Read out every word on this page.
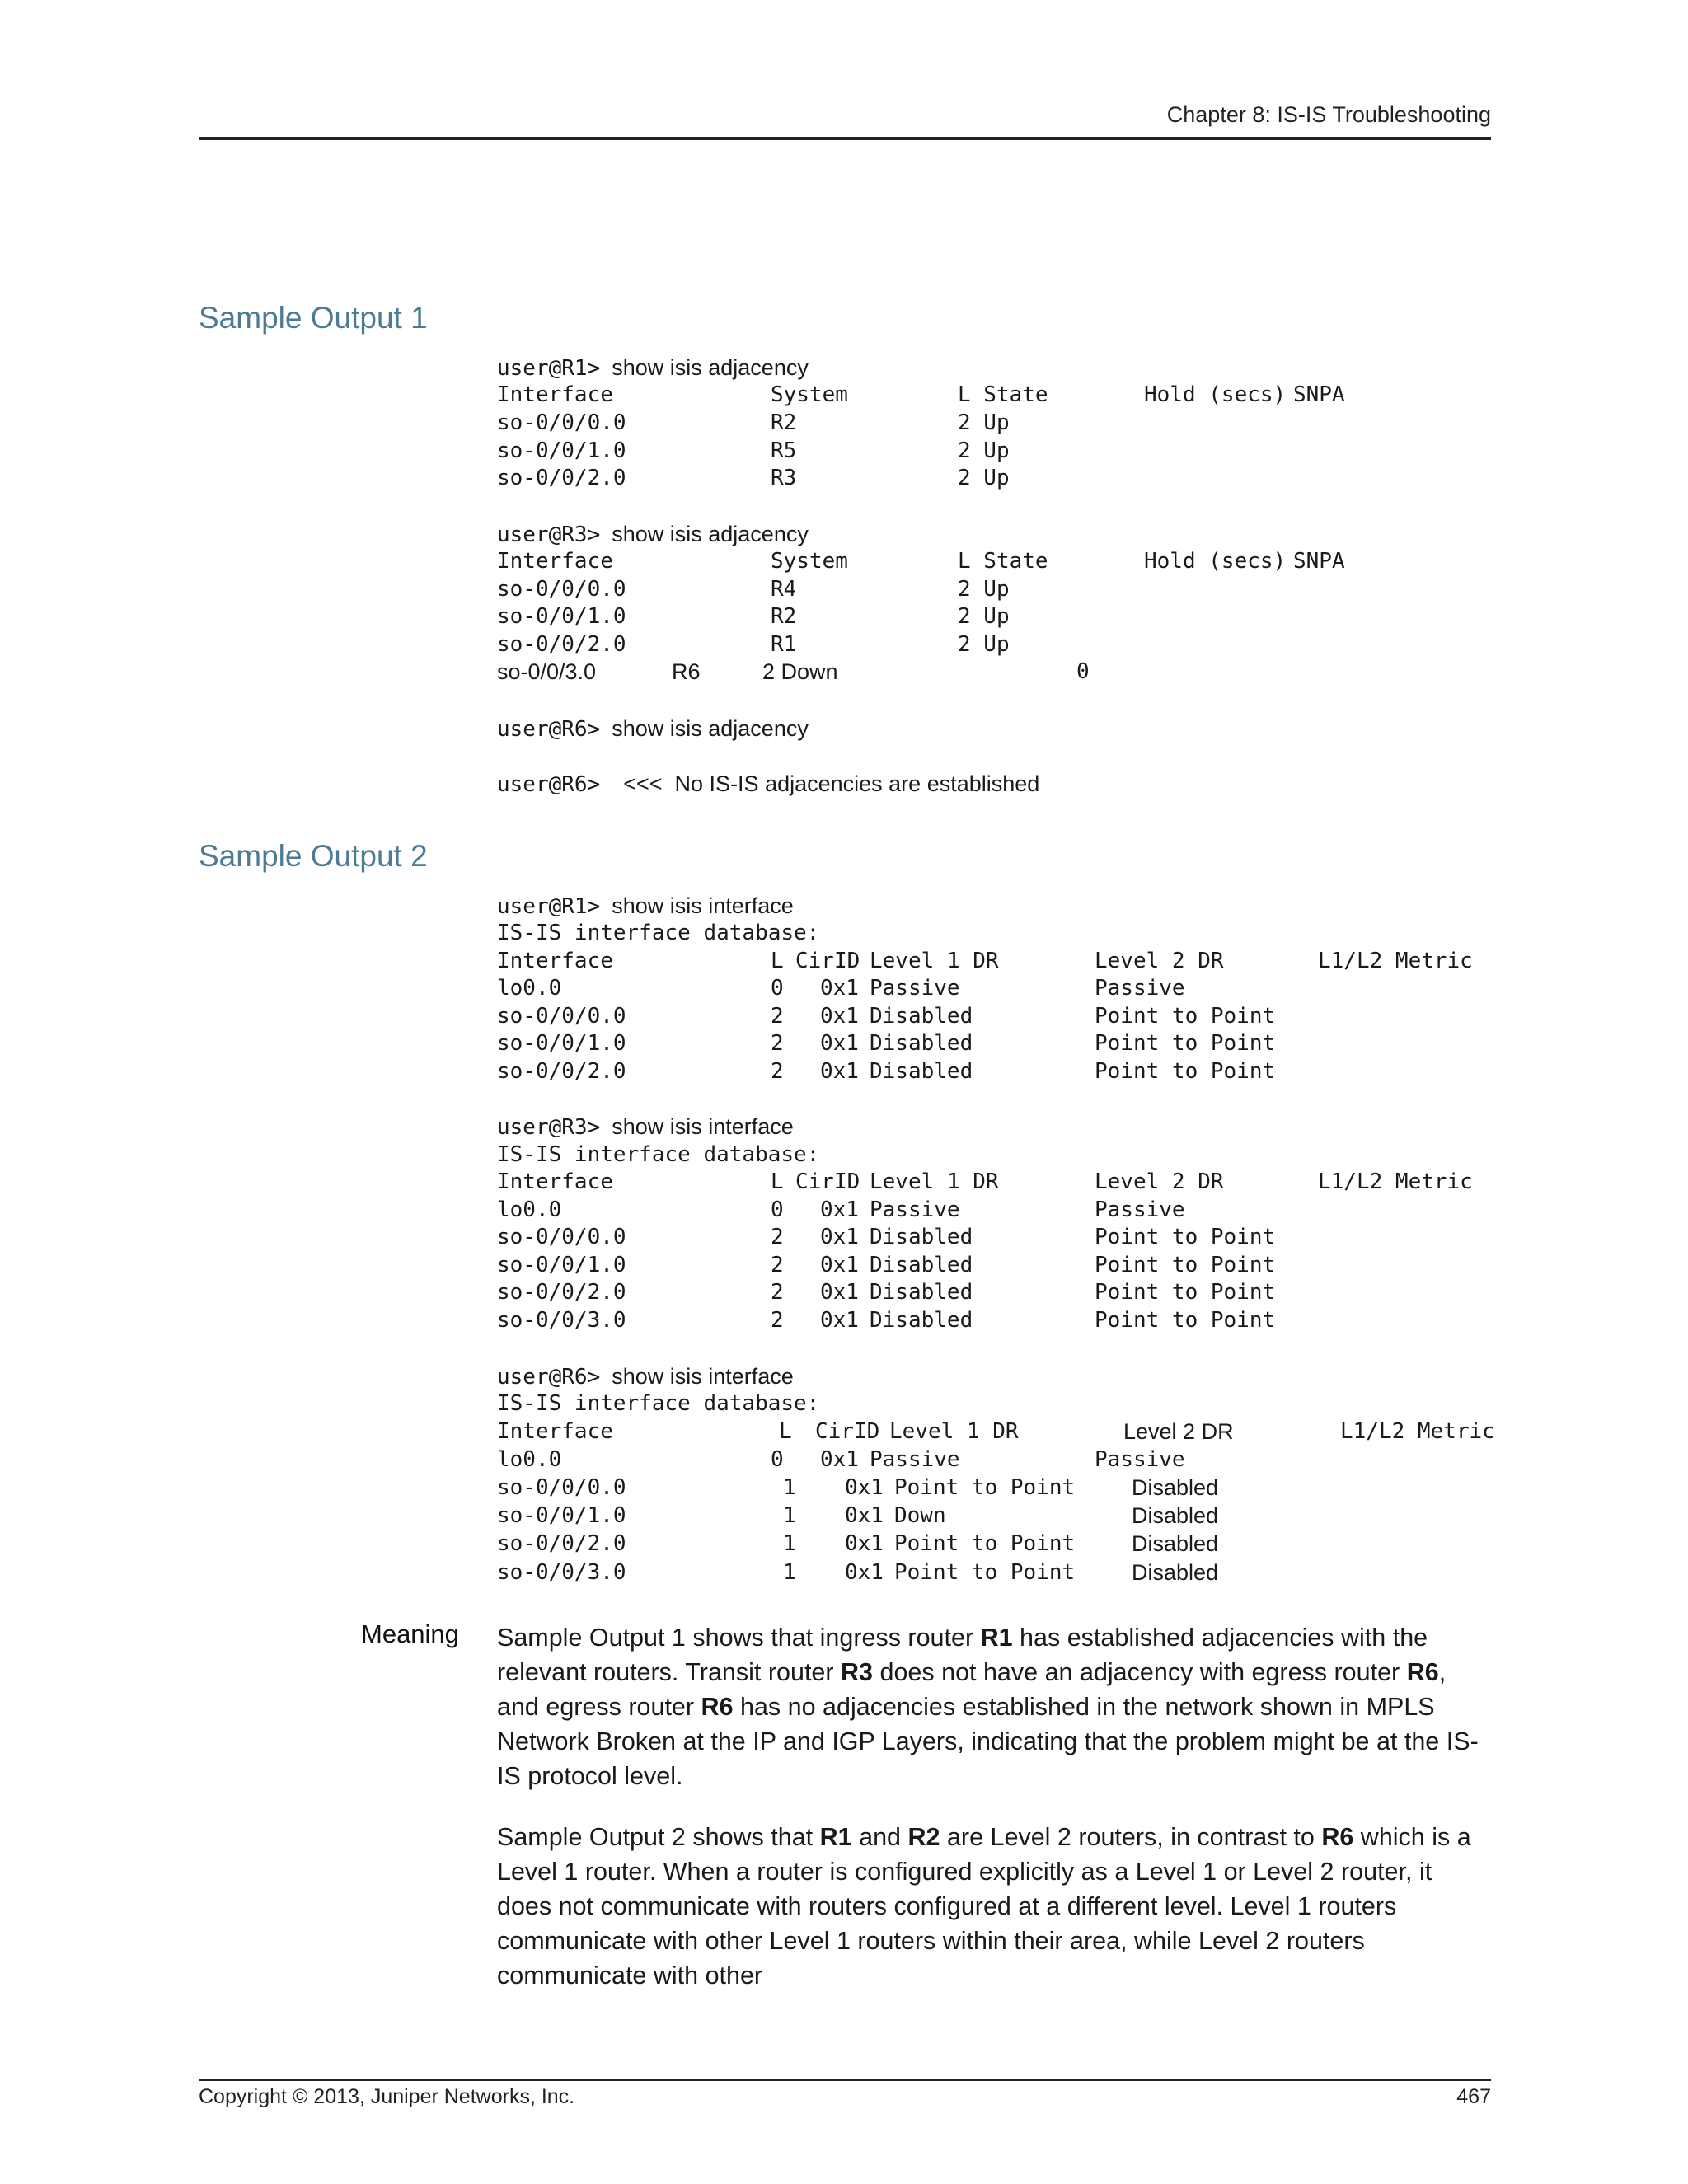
Chapter 8: IS-IS Troubleshooting
Sample Output 1
user@R1> show isis adjacency

Interface	System	L State	Hold (secs) SNPA

so-0/0/0.0	R2	2 Up

so-0/0/1.0	R5	2 Up

so-0/0/2.0	R3	2 Up

user@R3> show isis adjacency

Interface	System	L State	Hold (secs) SNPA

so-0/0/0.0	R4	2 Up

so-0/0/1.0	R2	2 Up

so-0/0/2.0	R1	2 Up

so-0/0/3.0	R6	2 Down	0

user@R6> show isis adjacency
user@R6> <<<  No IS-IS adjacencies are established
Sample Output 2
user@R1> show isis interface
IS-IS interface database:

Interface	L CirID Level 1 DR	Level 2 DR	L1/L2 Metric

lo0.0	0 0x1 Passive	Passive

so-0/0/0.0	2 0x1 Disabled	Point to Point

so-0/0/1.0	2 0x1 Disabled	Point to Point

so-0/0/2.0	2 0x1 Disabled	Point to Point

user@R3> show isis interface
IS-IS interface database:

Interface	L CirID Level 1 DR	Level 2 DR	L1/L2 Metric

lo0.0	0 0x1 Passive	Passive

so-0/0/0.0	2 0x1 Disabled	Point to Point

so-0/0/1.0	2 0x1 Disabled	Point to Point

so-0/0/2.0	2 0x1 Disabled	Point to Point

so-0/0/3.0	2 0x1 Disabled	Point to Point

user@R6> show isis interface
IS-IS interface database:

Interface	L CirID Level 1 DR	Level 2 DR	L1/L2 Metric

lo0.0	0 0x1 Passive	Passive

so-0/0/0.0	1 0x1 Point to Point	Disabled

so-0/0/1.0	1 0x1 Down	Disabled

so-0/0/2.0	1 0x1 Point to Point	Disabled

so-0/0/3.0	1 0x1 Point to Point	Disabled

Meaning Sample Output 1 shows that ingress router R1 has established adjacencies with the relevant routers. Transit router R3 does not have an adjacency with egress router R6, and egress router R6 has no adjacencies established in the network shown in MPLS Network Broken at the IP and IGP Layers, indicating that the problem might be at the IS-IS protocol level.

Sample Output 2 shows that R1 and R2 are Level 2 routers, in contrast to R6 which is a Level 1 router. When a router is configured explicitly as a Level 1 or Level 2 router, it does not communicate with routers configured at a different level. Level 1 routers communicate with other Level 1 routers within their area, while Level 2 routers communicate with other

Copyright © 2013, Juniper Networks, Inc.	467
